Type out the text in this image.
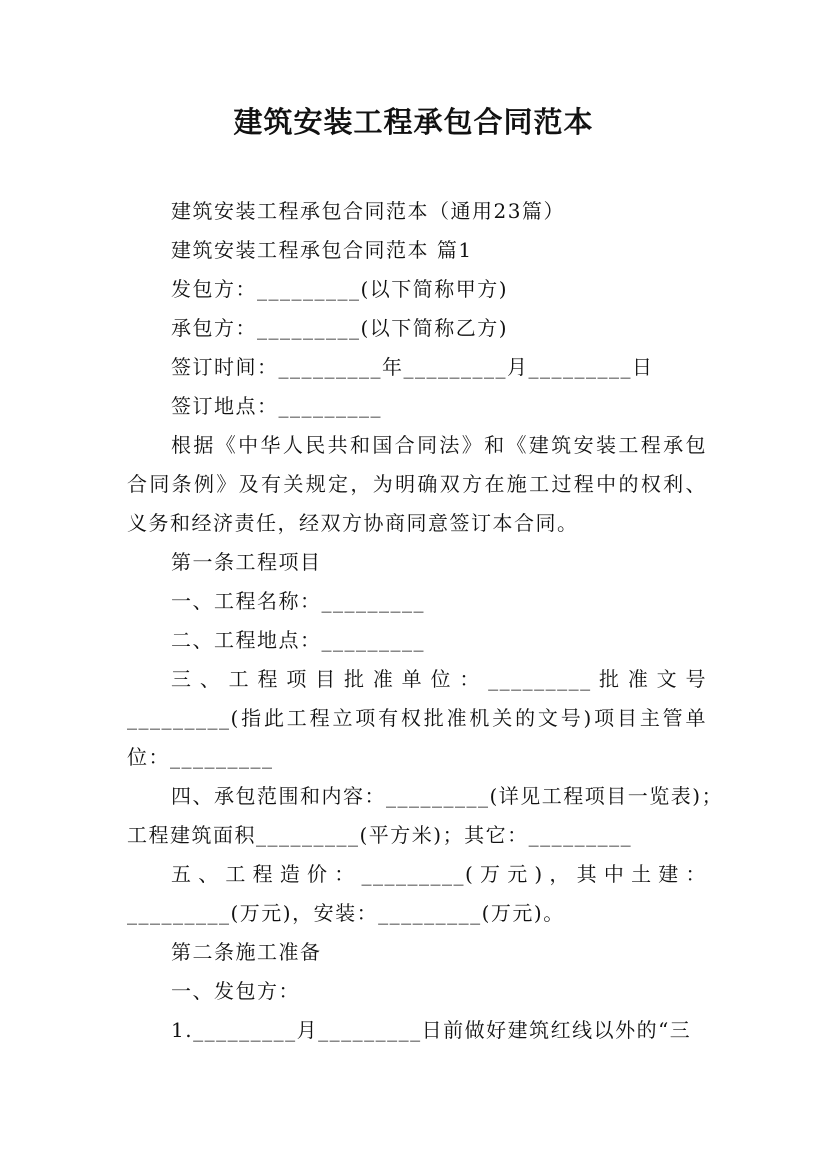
建筑安装工程承包合同范本
建筑安装工程承包合同范本（通用23篇）
建筑安装工程承包合同范本 篇1
发包方：_________(以下简称甲方)
承包方：_________(以下简称乙方)
签订时间：_________年_________月_________日
签订地点：_________
根据《中华人民共和国合同法》和《建筑安装工程承包
合同条例》及有关规定，为明确双方在施工过程中的权利、
义务和经济责任，经双方协商同意签订本合同。
第一条工程项目
一、工程名称：_________
二、工程地点：_________
三、工程项目批准单位：_________批准文号
_________(指此工程立项有权批准机关的文号)项目主管单
位：_________
四、承包范围和内容：_________(详见工程项目一览表)；
工程建筑面积_________(平方米)；其它：_________
五、工程造价：_________(万元)，其中土建：
_________(万元)，安装：_________(万元)。
第二条施工准备
一、发包方：
1._________月_________日前做好建筑红线以外的“三
